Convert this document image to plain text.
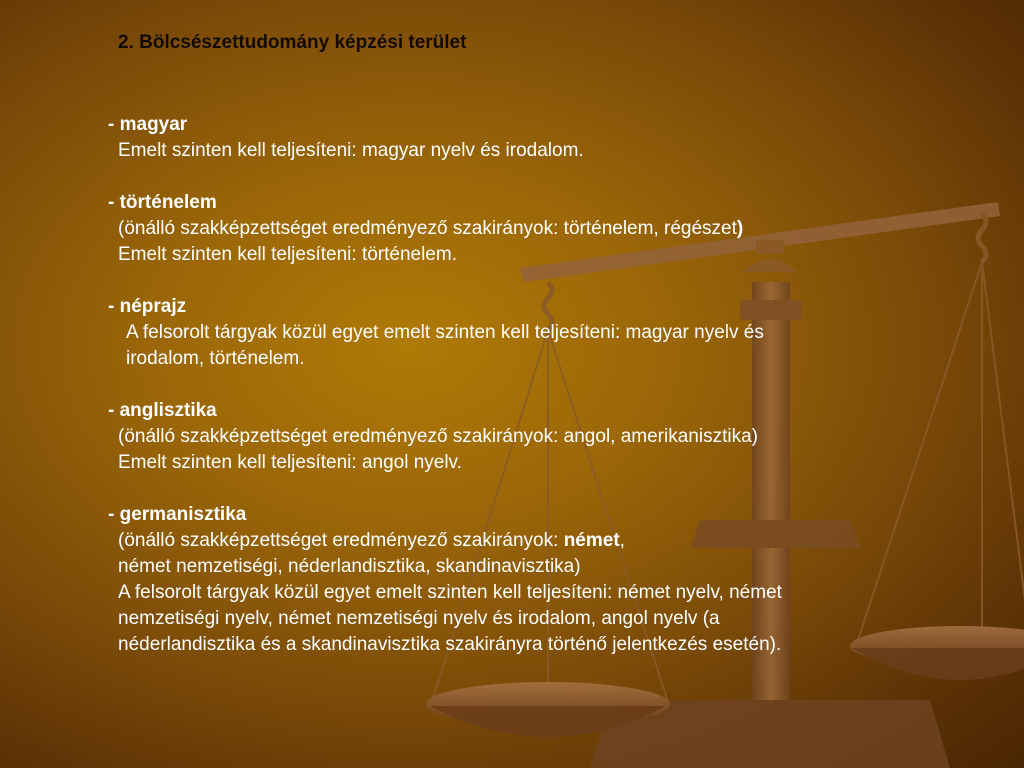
2. Bölcsészettudomány képzési terület
- magyar
Emelt szinten kell teljesíteni: magyar nyelv és irodalom.
- történelem
(önálló szakképzettséget eredményező szakirányok: történelem, régészet)
Emelt szinten kell teljesíteni: történelem.
- néprajz
A felsorolt tárgyak közül egyet emelt szinten kell teljesíteni: magyar nyelv és
irodalom, történelem.
- anglisztika
(önálló szakképzettséget eredményező szakirányok: angol, amerikanisztika)
Emelt szinten kell teljesíteni: angol nyelv.
- germanisztika
(önálló szakképzettséget eredményező szakirányok: német,
német nemzetiségi, néderlandisztika, skandinavisztika)
A felsorolt tárgyak közül egyet emelt szinten kell teljesíteni: német nyelv, német
nemzetiségi nyelv, német nemzetiségi nyelv és irodalom, angol nyelv (a
néderlandisztika és a skandinavisztika szakirányra történő jelentkezés esetén).
